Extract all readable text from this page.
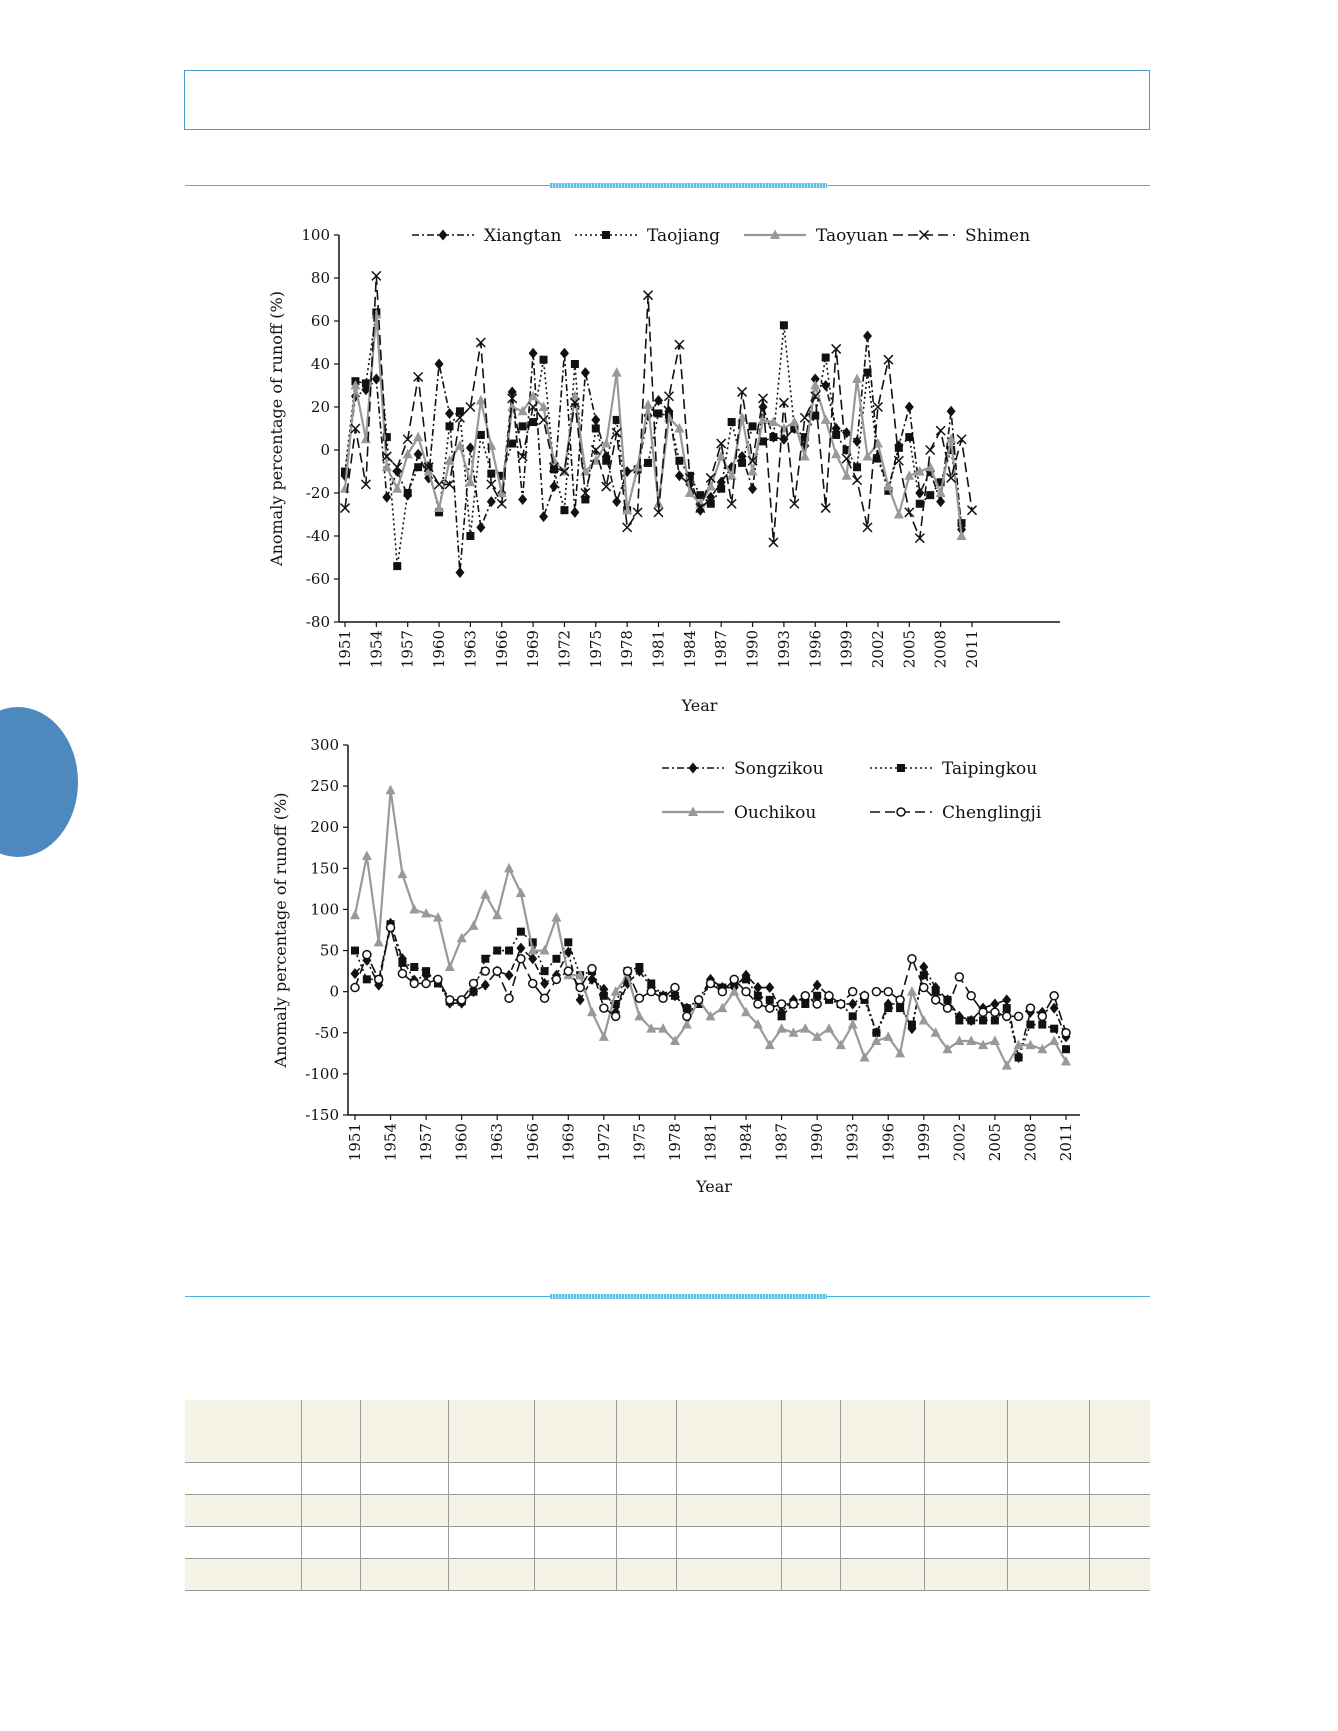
100
80
60
40
20
0
-20
-40
-60
-80
1951 1954 1957 1960 1963 1966 1969 1972 1975 1978 1981 1984 1987 1990 1993 1996 1999 2002 2005 2008 2011
Anomaly percentage of runoff (%)
Year
Xiangtan	Taojiang	Taoyuan	Shimen
300
250
200
150
100
50
0
-50
-100
-150
1951 1954 1957 1960 1963 1966 1969 1972 1975 1978 1981 1984 1987 1990 1993 1996 1999 2002 2005 2008 2011
Anomaly percentage of runoff (%)
Year
Songzikou	Taipingkou
Ouchikou	Chenglingji
